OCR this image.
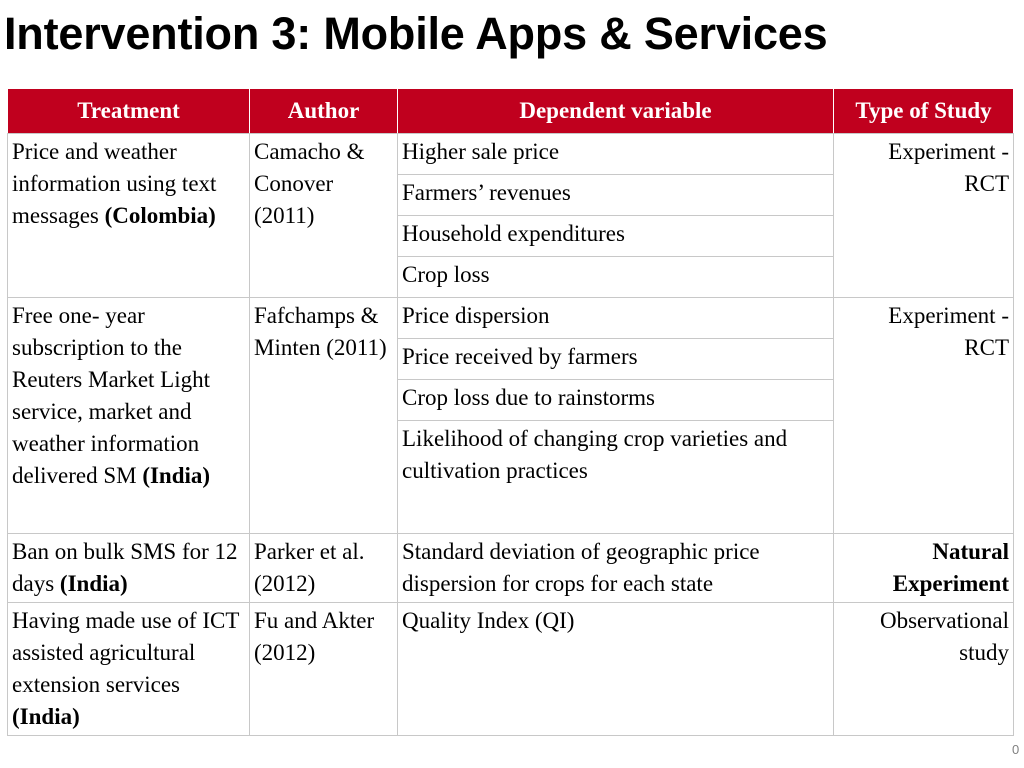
Intervention 3: Mobile Apps & Services
Treatment	Author	Dependent variable	Type of Study
Price and weather information using text messages (Colombia)	Camacho & Conover (2011)	Higher sale price	Experiment - RCT
		Farmers’ revenues	
		Household expenditures	
		Crop loss	
Free one- year subscription to the Reuters Market Light service, market and weather information delivered SM (India)	Fafchamps & Minten (2011)	Price dispersion	Experiment - RCT
		Price received by farmers	
		Crop loss due to rainstorms	
		Likelihood of changing crop varieties and cultivation practices	
Ban on bulk SMS for 12 days (India)	Parker et al. (2012)	Standard deviation of geographic price dispersion for crops for each state	Natural Experiment
Having made use of ICT assisted agricultural extension services (India)	Fu and Akter (2012)	Quality Index (QI)	Observational study
0
